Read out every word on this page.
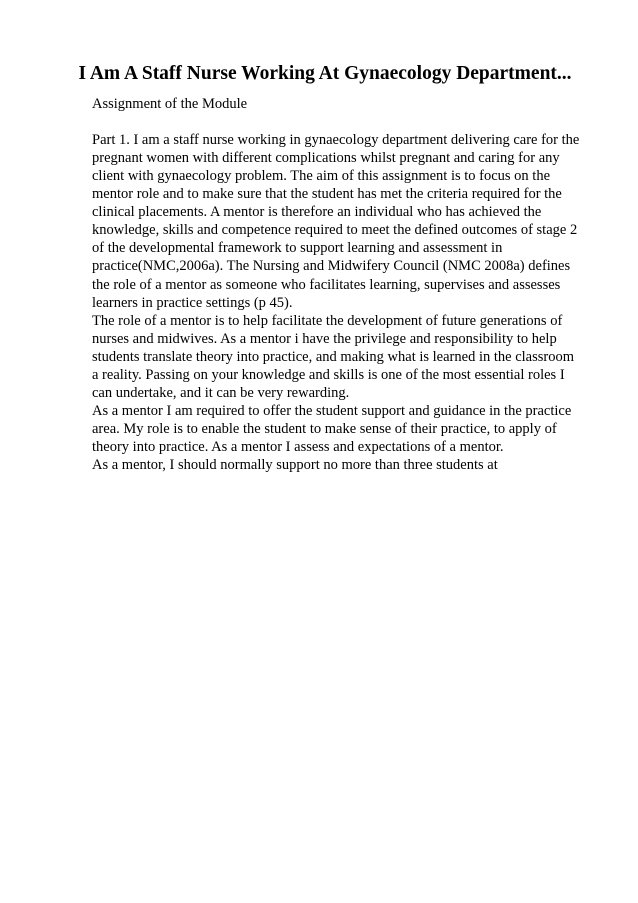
I Am A Staff Nurse Working At Gynaecology Department...

Assignment of the Module

Part 1. I am a staff nurse working in gynaecology department delivering care for the
pregnant women with different complications whilst pregnant and caring for any
client with gynaecology problem. The aim of this assignment is to focus on the
mentor role and to make sure that the student has met the criteria required for the
clinical placements. A mentor is therefore an individual who has achieved the
knowledge, skills and competence required to meet the defined outcomes of stage 2
of the developmental framework to support learning and assessment in
practice(NMC,2006a). The Nursing and Midwifery Council (NMC 2008a) defines
the role of a mentor as someone who facilitates learning, supervises and assesses
learners in practice settings (p 45).
The role of a mentor is to help facilitate the development of future generations of
nurses and midwives. As a mentor i have the privilege and responsibility to help
students translate theory into practice, and making what is learned in the classroom
a reality. Passing on your knowledge and skills is one of the most essential roles I
can undertake, and it can be very rewarding.
As a mentor I am required to offer the student support and guidance in the practice
area. My role is to enable the student to make sense of their practice, to apply of
theory into practice. As a mentor I assess and expectations of a mentor.
As a mentor, I should normally support no more than three students at
